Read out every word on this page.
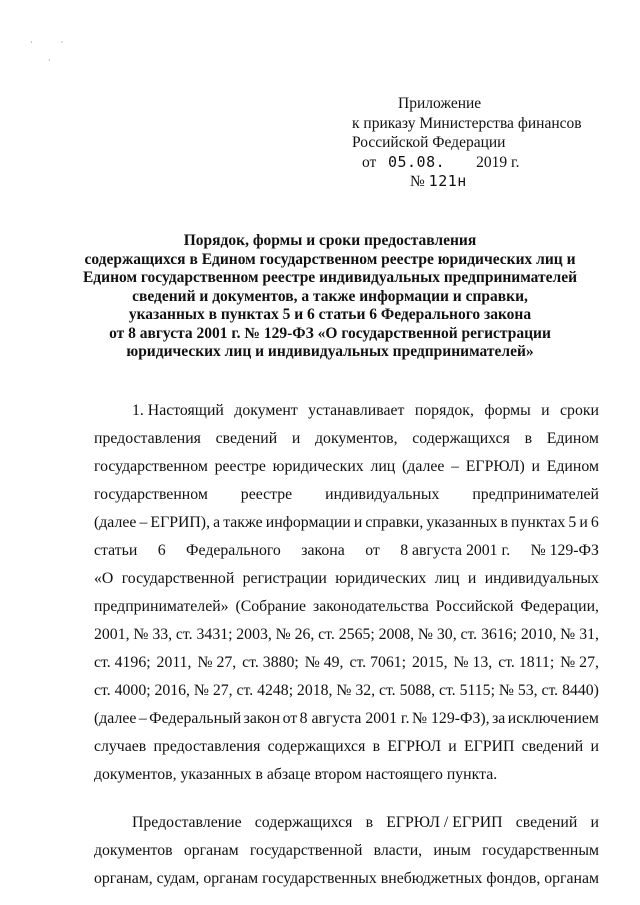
·              ·

·
Приложение
к приказу Министерства финансов
Российской Федерации
от 05.08. 2019 г.
№ 121н
Порядок, формы и сроки предоставления
содержащихся в Едином государственном реестре юридических лиц и
Едином государственном реестре индивидуальных предпринимателей
сведений и документов, а также информации и справки,
указанных в пунктах 5 и 6 статьи 6 Федерального закона
от 8 августа 2001 г. № 129-ФЗ «О государственной регистрации
юридических лиц и индивидуальных предпринимателей»
1. Настоящий документ устанавливает порядок, формы и сроки
предоставления сведений и документов, содержащихся в Едином
государственном реестре юридических лиц (далее – ЕГРЮЛ) и Едином
государственном реестре индивидуальных предпринимателей
(далее – ЕГРИП), а также информации и справки, указанных в пунктах 5 и 6
статьи 6 Федерального закона от 8 августа 2001 г. № 129-ФЗ
«О государственной регистрации юридических лиц и индивидуальных
предпринимателей» (Собрание законодательства Российской Федерации,
2001, № 33, ст. 3431; 2003, № 26, ст. 2565; 2008, № 30, ст. 3616; 2010, № 31,
ст. 4196; 2011, № 27, ст. 3880; № 49, ст. 7061; 2015, № 13, ст. 1811; № 27,
ст. 4000; 2016, № 27, ст. 4248; 2018, № 32, ст. 5088, ст. 5115; № 53, ст. 8440)
(далее – Федеральный закон от 8 августа 2001 г. № 129-ФЗ), за исключением
случаев предоставления содержащихся в ЕГРЮЛ и ЕГРИП сведений и
документов, указанных в абзаце втором настоящего пункта.
Предоставление содержащихся в ЕГРЮЛ / ЕГРИП сведений и
документов органам государственной власти, иным государственным
органам, судам, органам государственных внебюджетных фондов, органам
